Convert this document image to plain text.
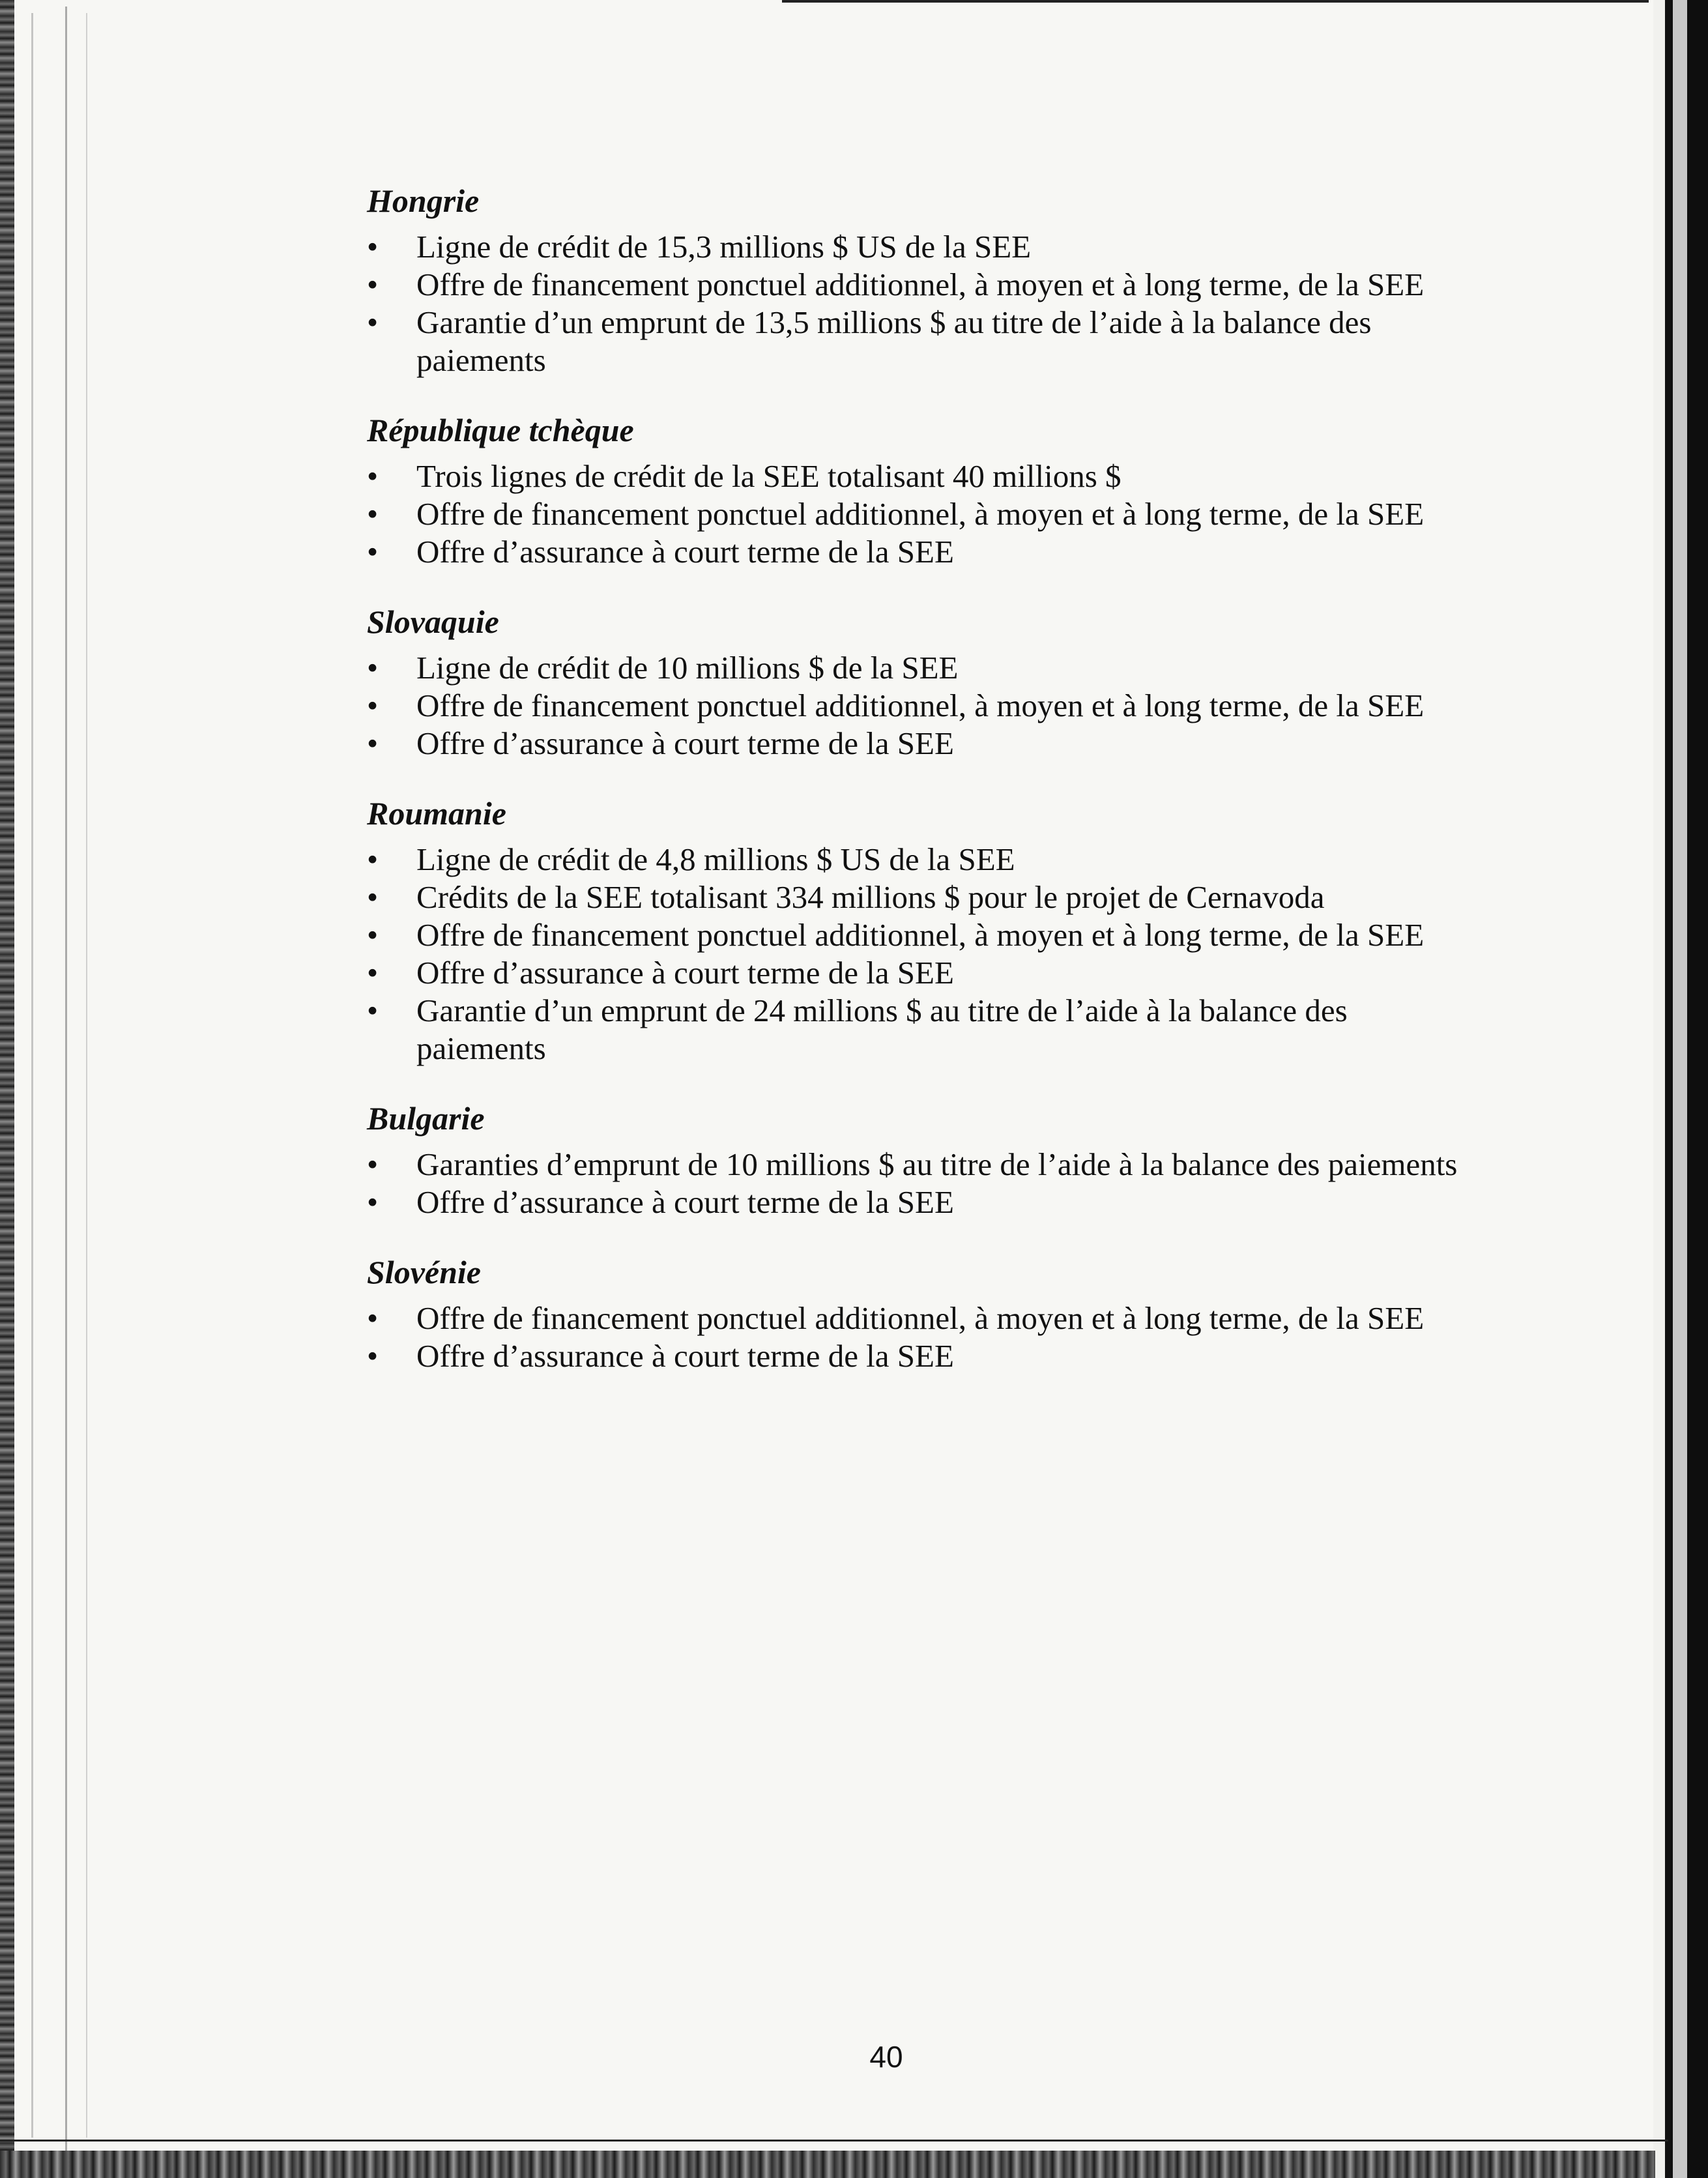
Hongrie
•	Ligne de crédit de 15,3 millions $ US de la SEE
•	Offre de financement ponctuel additionnel, à moyen et à long terme, de la SEE
•	Garantie d’un emprunt de 13,5 millions $ au titre de l’aide à la balance des paiements
République tchèque
•	Trois lignes de crédit de la SEE totalisant 40 millions $
•	Offre de financement ponctuel additionnel, à moyen et à long terme, de la SEE
•	Offre d’assurance à court terme de la SEE
Slovaquie
•	Ligne de crédit de 10 millions $ de la SEE
•	Offre de financement ponctuel additionnel, à moyen et à long terme, de la SEE
•	Offre d’assurance à court terme de la SEE
Roumanie
•	Ligne de crédit de 4,8 millions $ US de la SEE
•	Crédits de la SEE totalisant 334 millions $ pour le projet de Cernavoda
•	Offre de financement ponctuel additionnel, à moyen et à long terme, de la SEE
•	Offre d’assurance à court terme de la SEE
•	Garantie d’un emprunt de 24 millions $ au titre de l’aide à la balance des paiements
Bulgarie
•	Garanties d’emprunt de 10 millions $ au titre de l’aide à la balance des paiements
•	Offre d’assurance à court terme de la SEE
Slovénie
•	Offre de financement ponctuel additionnel, à moyen et à long terme, de la SEE
•	Offre d’assurance à court terme de la SEE
40
